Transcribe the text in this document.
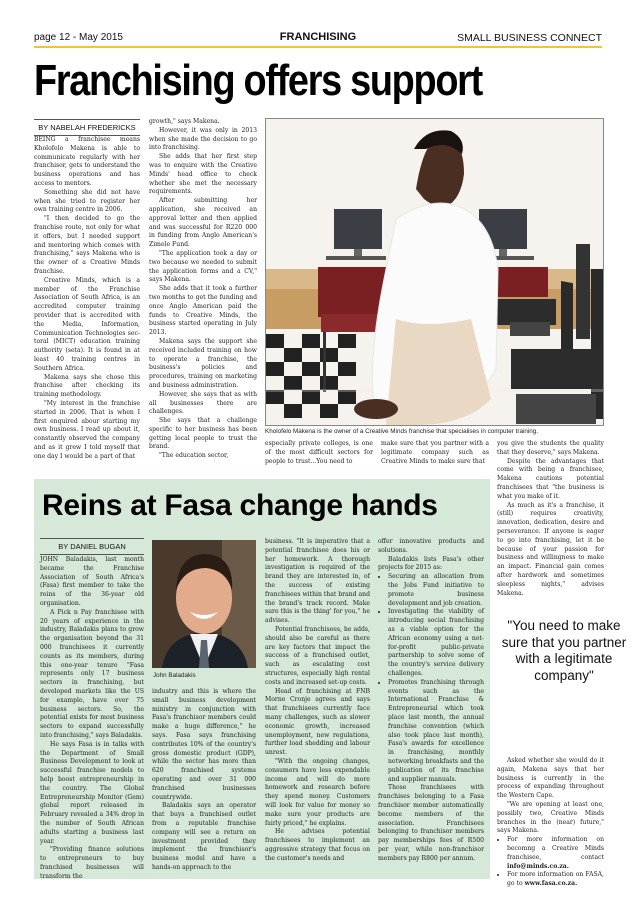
page 12 - May 2015	FRANCHISING	SMALL BUSINESS CONNECT
Franchising offers support
BY NABELAH FREDERICKS

BEING a franchisee means Kholofelo Makena is able to communicate regularly with her franchisor, gets to understand the business operations and has access to mentors.

Something she did not have when she tried to register her own training centre in 2006.

"I then decided to go the franchise route, not only for what it offers, but I needed support and mentoring which comes with franchising," says Makena who is the owner of a Creative Minds franchise.

Creative Minds, which is a member of the Franchise Association of South Africa, is an accredited computer training provider that is accredited with the Media, Information, Communication Technologies sec-toral (MICT) education training authority (seta). It is found in at least 40 training centres in Southern Africa.

Makena says she chose this franchise after checking its training methodology.

"My interest in the franchise started in 2006. That is when I first enquired abour starting my own business. I read up about it, constantly observed the company and as it grew I told myself that one day I would be a part of that

growth," says Makena.

However, it was only in 2013 when she made the decision to go into franchising.

She adds that her first step was to enquire with the Creative Minds' head office to check whether she met the necessary requirements.

After submitting her application, she received an approval letter and then applied and was successful for R220 000 in funding from Anglo American's Zimele Fund.

"The application took a day or two because we needed to submit the application forms and a CV," says Makena.

She adds that it took a further two months to get the funding and once Anglo American paid the funds to Creative Minds, the business started operating in July 2013.

Makena says the support she received included training on how to operate a franchise, the business's policies and procedures, training on marketing and business administration.

However, she says that as with all businesses there are challenges.

She says that a challenge specific to her business has been getting local people to trust the brand.

"The education sector,

Kholofelo Makena is the owner of a Creative Minds franchise that specialises in computer training.

especially private colleges, is one of the most difficult sectors for people to trust...You need to

make sure that you partner with a legitimate company such as Creative Minds to make sure that

you give the students the quality that they deserve," says Makena.

Despite the advantages that come with being a franchisee, Makena cautions potential franchisees that "the business is what you make of it.

As much as it's a franchise, it (still) requires creativity, innovation, dedication, desire and perseverance. If anyone is eager to go into franchising, let it be because of your passion for business and willingness to make an impact. Financial gain comes after hardwork and sometimes sleepless nights," advises Makena.

"You need to make sure that you partner with a legitimate company"

Asked whether she would do it again, Makena says that her business is currently in the process of expanding throughout the Western Cape.

"We are opening at least one, possibly two, Creative Minds branches in the (near) future," says Makena.

• For more information on becomng a Creative Minds franchisee, contact info@minds.co.za.
• For more information on FASA, go to www.fasa.co.za.
Reins at Fasa change hands
BY DANIEL BUGAN

JOHN Baladakis, last month became the Franchise Association of South Africa's (Fasa) first member to take the reins of the 36-year old organisation.

A Pick n Pay franchisee with 20 years of experience in the industry, Baladakis plans to grow the organisation beyond the 31 000 franchisees it currently counts as its members, during this one-year tenure "Fasa represents only 17 business sectors in franchising, but developed markets like the US for example, have over 75 business sectors. So, the potential exists for most business sectors to expand successfully into franchising," says Baladakis.

He says Fasa is in talks with the Department of Small Business Development to look at successful franchise models to help boost entrepreneurship in the country. The Global Entrepreneurship Monitor (Gem) global report released in February revealed a 34% drop in the number of South African adults starting a business last year.

"Providing finance solutions to entrepreneurs to buy franchised businesses will transform the

John Baladakis

industry and this is where the small business development ministry in conjunction with Fasa's franchisor members could make a huge difference," he says. Fasa says franchising contributes 10% of the country's gross domestic product (GDP), while the sector has more than 620 franchised systems operating and over 31 000 franchised businesses countrywide.

Baladakis says an operator that buys a franchised outlet from a reputable franchise company will see a return on investment provided they implement the franchisor's business model and have a hands-on approach to the

business. "It is imperative that a potential franchisee does his or her homework. A thorough investigation is required of the brand they are interested in, of the success of existing franchisees within that brand and the brand's track record. Make sure this is the thing' for you," he advises.

Potential franchisees, he adds, should also be careful as there are key factors that impact the success of a franchised outlet, such as escalating cost structures, especially high rental costs and increased set-up costs.

Head of franchising at FNB Morne Cronje agrees and says that franchisees currently face many challenges, such as slower economic growth, increased unemployment, new regulations, further load shedding and labour unrest.

"With the ongoing changes, consumers have less expendable income and will do more homework and research before they spend money. Customers will look for value for money so make sure your products are fairly priced," he explains.

He advises potential franchisees to implement an aggressive strategy that focus on the customer's needs and

offer innovative products and solutions.

Baladakis lists Fasa's other projects for 2015 as:

• Securing an allocation from the Jobs Fund initiative to promote business development and job creation.
• Investigating the viability of introducing social franchising as a viable option for the African economy using a not-for-profit public-private partnership to solve some of the country's service delivery challenges.
• Promotes franchising through events such as the International Franchise & Entrepreneurial which took place last month, the annual franchise convention (which also took place last month), Fasa's awards for excellence in franchising, monthly networking breakfasts and the publication of its franchise and supplier manuals.

Those franchisees with franchises belonging to a Fasa franchisor member automatically become members of the association. Franchisees belonging to franchisor members pay memberships fees of R500 per year, while non-franchisor members pay R800 per annum.
